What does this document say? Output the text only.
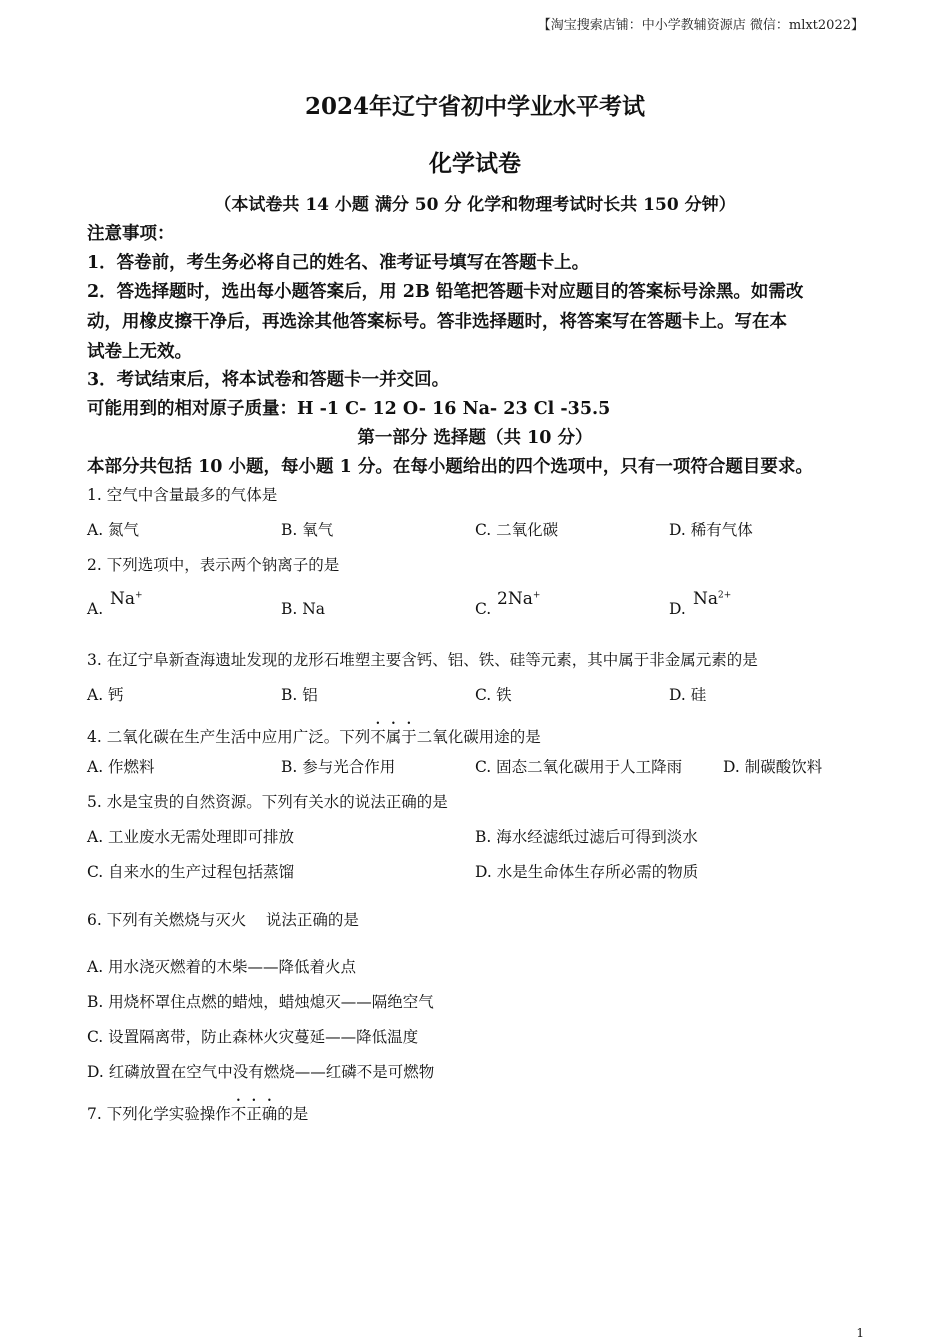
【淘宝搜索店铺：中小学教辅资源店 微信：mlxt2022】
2024年辽宁省初中学业水平考试
化学试卷
（本试卷共 14 小题 满分 50 分 化学和物理考试时长共 150 分钟）
注意事项：
1．答卷前，考生务必将自己的姓名、准考证号填写在答题卡上。
2．答选择题时，选出每小题答案后，用 2B 铅笔把答题卡对应题目的答案标号涂黑。如需改
动，用橡皮擦干净后，再选涂其他答案标号。答非选择题时，将答案写在答题卡上。写在本
试卷上无效。
3．考试结束后，将本试卷和答题卡一并交回。
可能用到的相对原子质量：H -1 C- 12 O- 16 Na- 23 Cl -35.5
第一部分 选择题（共 10 分）
本部分共包括 10 小题，每小题 1 分。在每小题给出的四个选项中，只有一项符合题目要求。
1. 空气中含量最多的气体是
A. 氮气	B. 氧气	C. 二氧化碳	D. 稀有气体
2. 下列选项中，表示两个钠离子的是
A. Na+
B. Na	C. 2Na+
D. $Na^{2+}$
3. 在辽宁阜新查海遗址发现的龙形石堆塑主要含钙、铝、铁、硅等元素，其中属于非金属元素的是
A. 钙	B. 铝	C. 铁	D. 硅
4. 二氧化碳在生产生活中应用广泛。下列不属于二氧化碳用途的是
A. 作燃料	B. 参与光合作用	C. 固态二氧化碳用于人工降雨	D. 制碳酸饮料
5. 水是宝贵的自然资源。下列有关水的说法正确的是
A. 工业废水无需处理即可排放	B. 海水经滤纸过滤后可得到淡水
C. 自来水的生产过程包括蒸馏	D. 水是生命体生存所必需的物质
6. 下列有关燃烧与灭火    说法正确的是
A. 用水浇灭燃着的木柴——降低着火点
B. 用烧杯罩住点燃的蜡烛，蜡烛熄灭——隔绝空气
C. 设置隔离带，防止森林火灾蔓延——降低温度
D. 红磷放置在空气中没有燃烧——红磷不是可燃物
7. 下列化学实验操作不正确的是
1
